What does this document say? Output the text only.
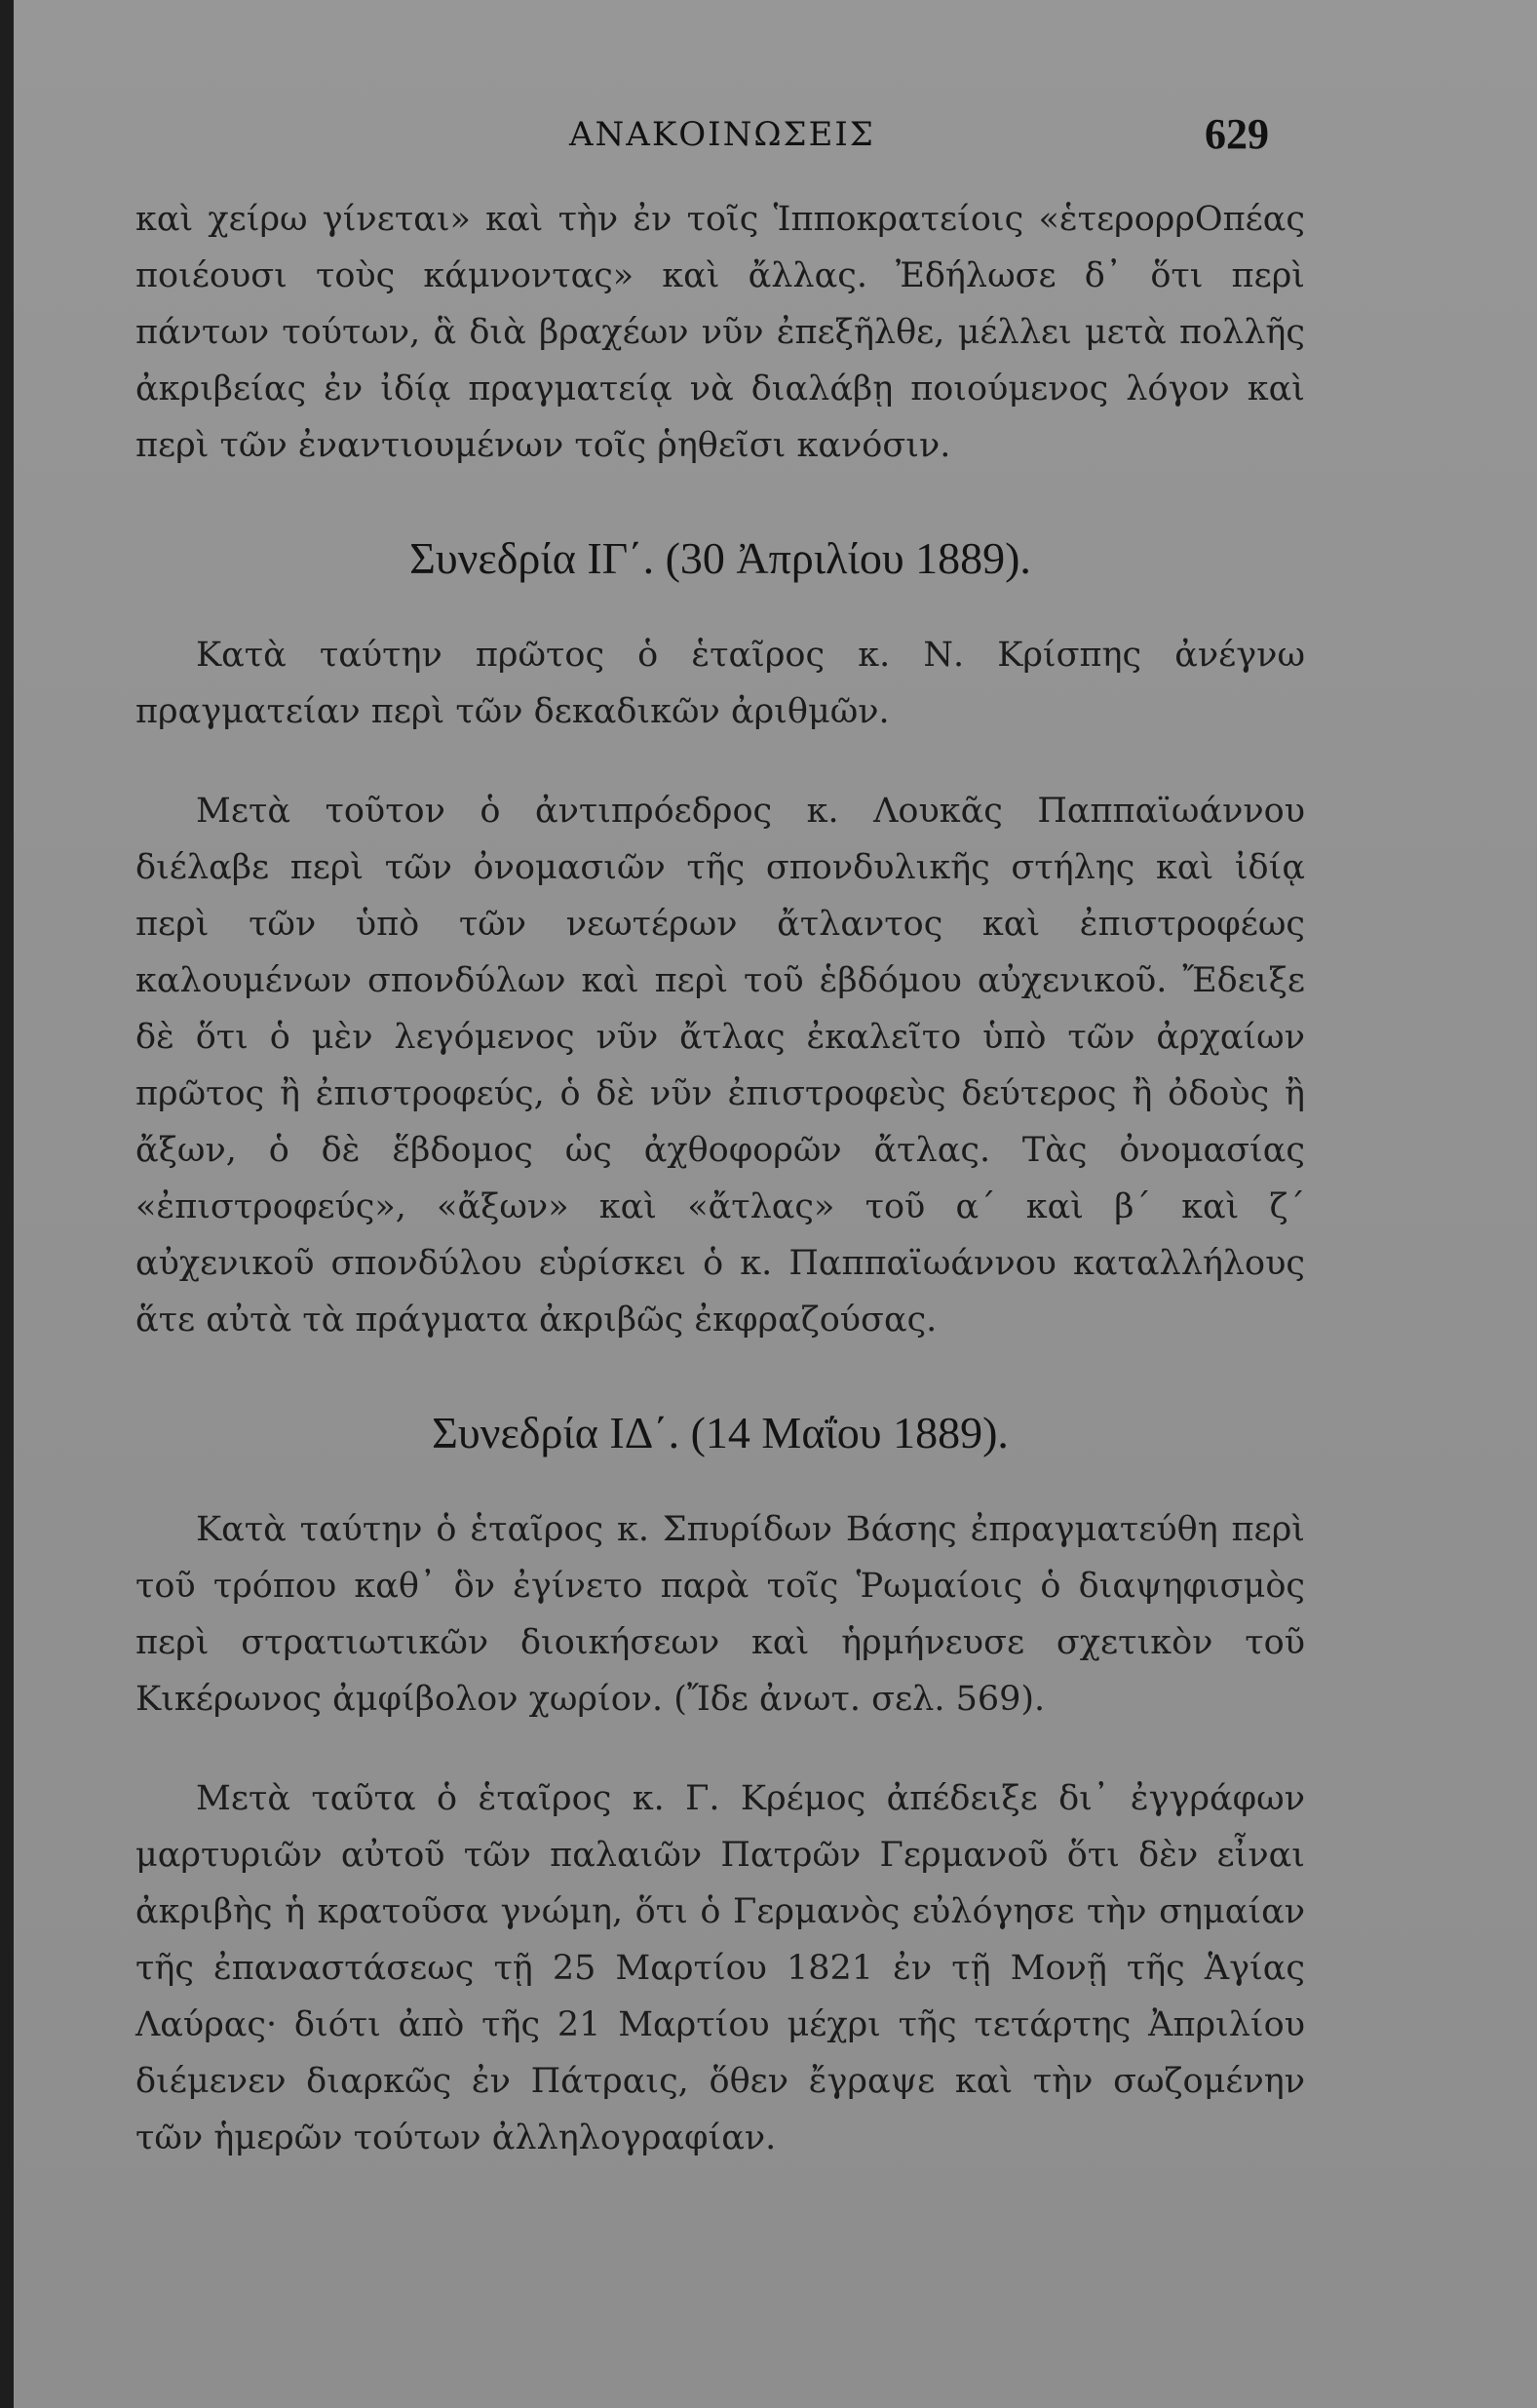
ΑΝΑΚΟΙΝΩΣΕΙΣ	629

καὶ χείρω γίνεται» καὶ τὴν ἐν τοῖς Ἱπποκρατείοις «ἑτερορρΟπέας ποιέουσι τοὺς κάμνοντας» καὶ ἄλλας. Ἐδήλωσε δ᾽ ὅτι περὶ πάντων τούτων, ἃ διὰ βραχέων νῦν ἐπεξῆλθε, μέλλει μετὰ πολλῆς ἀκριβείας ἐν ἰδίᾳ πραγματείᾳ νὰ διαλάβῃ ποιούμενος λόγον καὶ περὶ τῶν ἐναντιουμένων τοῖς ῥηθεῖσι κανόσιν.

Συνεδρία ΙΓ΄. (30 Ἀπριλίου 1889).

Κατὰ ταύτην πρῶτος ὁ ἑταῖρος κ. Ν. Κρίσπης ἀνέγνω πραγματείαν περὶ τῶν δεκαδικῶν ἀριθμῶν.

Μετὰ τοῦτον ὁ ἀντιπρόεδρος κ. Λουκᾶς Παππαϊωάννου διέλαβε περὶ τῶν ὀνομασιῶν τῆς σπονδυλικῆς στήλης καὶ ἰδίᾳ περὶ τῶν ὑπὸ τῶν νεωτέρων ἄτλαντος καὶ ἐπιστροφέως καλουμένων σπονδύλων καὶ περὶ τοῦ ἑβδόμου αὐχενικοῦ. Ἔδειξε δὲ ὅτι ὁ μὲν λεγόμενος νῦν ἄτλας ἐκαλεῖτο ὑπὸ τῶν ἀρχαίων πρῶτος ἢ ἐπιστροφεύς, ὁ δὲ νῦν ἐπιστροφεὺς δεύτερος ἢ ὀδοὺς ἢ ἄξων, ὁ δὲ ἕβδομος ὡς ἀχθοφορῶν ἄτλας. Τὰς ὀνομασίας «ἐπιστροφεύς», «ἄξων» καὶ «ἄτλας» τοῦ α΄ καὶ β΄ καὶ ζ΄ αὐχενικοῦ σπονδύλου εὑρίσκει ὁ κ. Παππαϊωάννου καταλλήλους ἅτε αὐτὰ τὰ πράγματα ἀκριβῶς ἐκφραζούσας.

Συνεδρία ΙΔ΄. (14 Μαΐου 1889).

Κατὰ ταύτην ὁ ἑταῖρος κ. Σπυρίδων Βάσης ἐπραγματεύθη περὶ τοῦ τρόπου καθ᾽ ὃν ἐγίνετο παρὰ τοῖς Ῥωμαίοις ὁ διαψηφισμὸς περὶ στρατιωτικῶν διοικήσεων καὶ ἡρμήνευσε σχετικὸν τοῦ Κικέρωνος ἀμφίβολον χωρίον. (Ἴδε ἀνωτ. σελ. 569).

Μετὰ ταῦτα ὁ ἑταῖρος κ. Γ. Κρέμος ἀπέδειξε δι᾽ ἐγγράφων μαρτυριῶν αὐτοῦ τῶν παλαιῶν Πατρῶν Γερμανοῦ ὅτι δὲν εἶναι ἀκριβὴς ἡ κρατοῦσα γνώμη, ὅτι ὁ Γερμανὸς εὐλόγησε τὴν σημαίαν τῆς ἐπαναστάσεως τῇ 25 Μαρτίου 1821 ἐν τῇ Μονῇ τῆς Ἁγίας Λαύρας· διότι ἀπὸ τῆς 21 Μαρτίου μέχρι τῆς τετάρτης Ἀπριλίου διέμενεν διαρκῶς ἐν Πάτραις, ὅθεν ἔγραψε καὶ τὴν σωζομένην τῶν ἡμερῶν τούτων ἀλληλογραφίαν.
